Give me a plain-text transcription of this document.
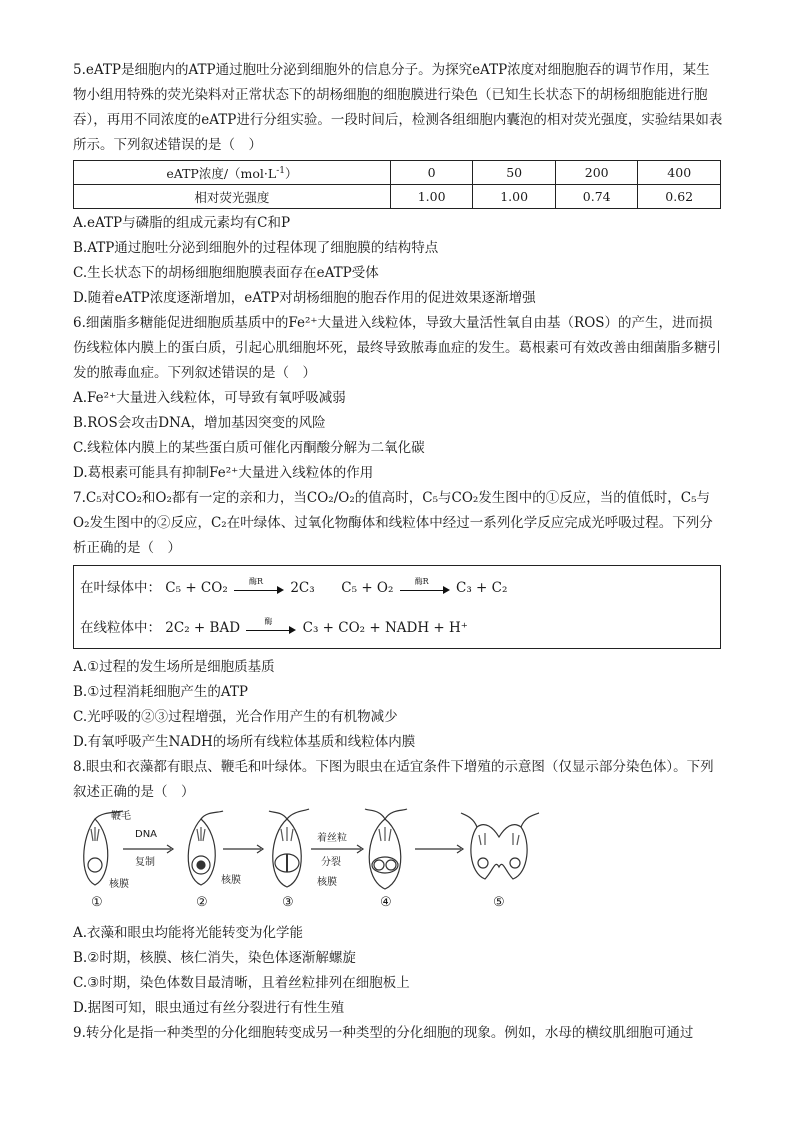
5.eATP是细胞内的ATP通过胞吐分泌到细胞外的信息分子。为探究eATP浓度对细胞胞吞的调节作用，某生物小组用特殊的荧光染料对正常状态下的胡杨细胞的细胞膜进行染色（已知生长状态下的胡杨细胞能进行胞吞），再用不同浓度的eATP进行分组实验。一段时间后，检测各组细胞内囊泡的相对荧光强度，实验结果如表所示。下列叙述错误的是（　）

eATP浓度$/(mol\cdot L^{-1})$	0	50	200	400
相对荧光强度	1.00	1.00	0.74	0.62

A.eATP与磷脂的组成元素均有C和P

B.ATP通过胞吐分泌到细胞外的过程体现了细胞膜的结构特点

C.生长状态下的胡杨细胞细胞膜表面存在eATP受体

D.随着eATP浓度逐渐增加，eATP对胡杨细胞的胞吞作用的促进效果逐渐增强

6.细菌脂多糖能促进细胞质基质中的Fe²⁺大量进入线粒体，导致大量活性氧自由基（ROS）的产生，进而损伤线粒体内膜上的蛋白质，引起心肌细胞坏死，最终导致脓毒血症的发生。葛根素可有效改善由细菌脂多糖引发的脓毒血症。下列叙述错误的是（　）

A.Fe²⁺大量进入线粒体，可导致有氧呼吸减弱

B.ROS会攻击DNA，增加基因突变的风险

C.线粒体内膜上的某些蛋白质可催化丙酮酸分解为二氧化碳

D.葛根素可能具有抑制Fe²⁺大量进入线粒体的作用

7.C₅对CO₂和O₂都有一定的亲和力，当CO₂/O₂的值高时，C₅与CO₂发生图中的①反应，当的值低时，C₅与O₂发生图中的②反应，C₂在叶绿体、过氧化物酶体和线粒体中经过一系列化学反应完成光呼吸过程。下列分析正确的是（　）

在叶绿体中： C₅ + CO₂	酶R	2C₃ C₅ + O₂	酶R	C₃ + C₂
在线粒体中： 2C₂ + BAD	酶	C₃ + CO₂ + NADH + H⁺

A.①过程的发生场所是细胞质基质

B.①过程消耗细胞产生的ATP

C.光呼吸的②③过程增强，光合作用产生的有机物减少

D.有氧呼吸产生NADH的场所有线粒体基质和线粒体内膜

8.眼虫和衣藻都有眼点、鞭毛和叶绿体。下图为眼虫在适宜条件下增殖的示意图（仅显示部分染色体）。下列叙述正确的是（　）

鞭毛
DNA
复制
核膜	核膜
着丝粒
分裂
核膜
①	②	③	④	⑤

A.衣藻和眼虫均能将光能转变为化学能

B.②时期，核膜、核仁消失，染色体逐渐解螺旋

C.③时期，染色体数目最清晰，且着丝粒排列在细胞板上

D.据图可知，眼虫通过有丝分裂进行有性生殖

9.转分化是指一种类型的分化细胞转变成另一种类型的分化细胞的现象。例如，水母的横纹肌细胞可通过
